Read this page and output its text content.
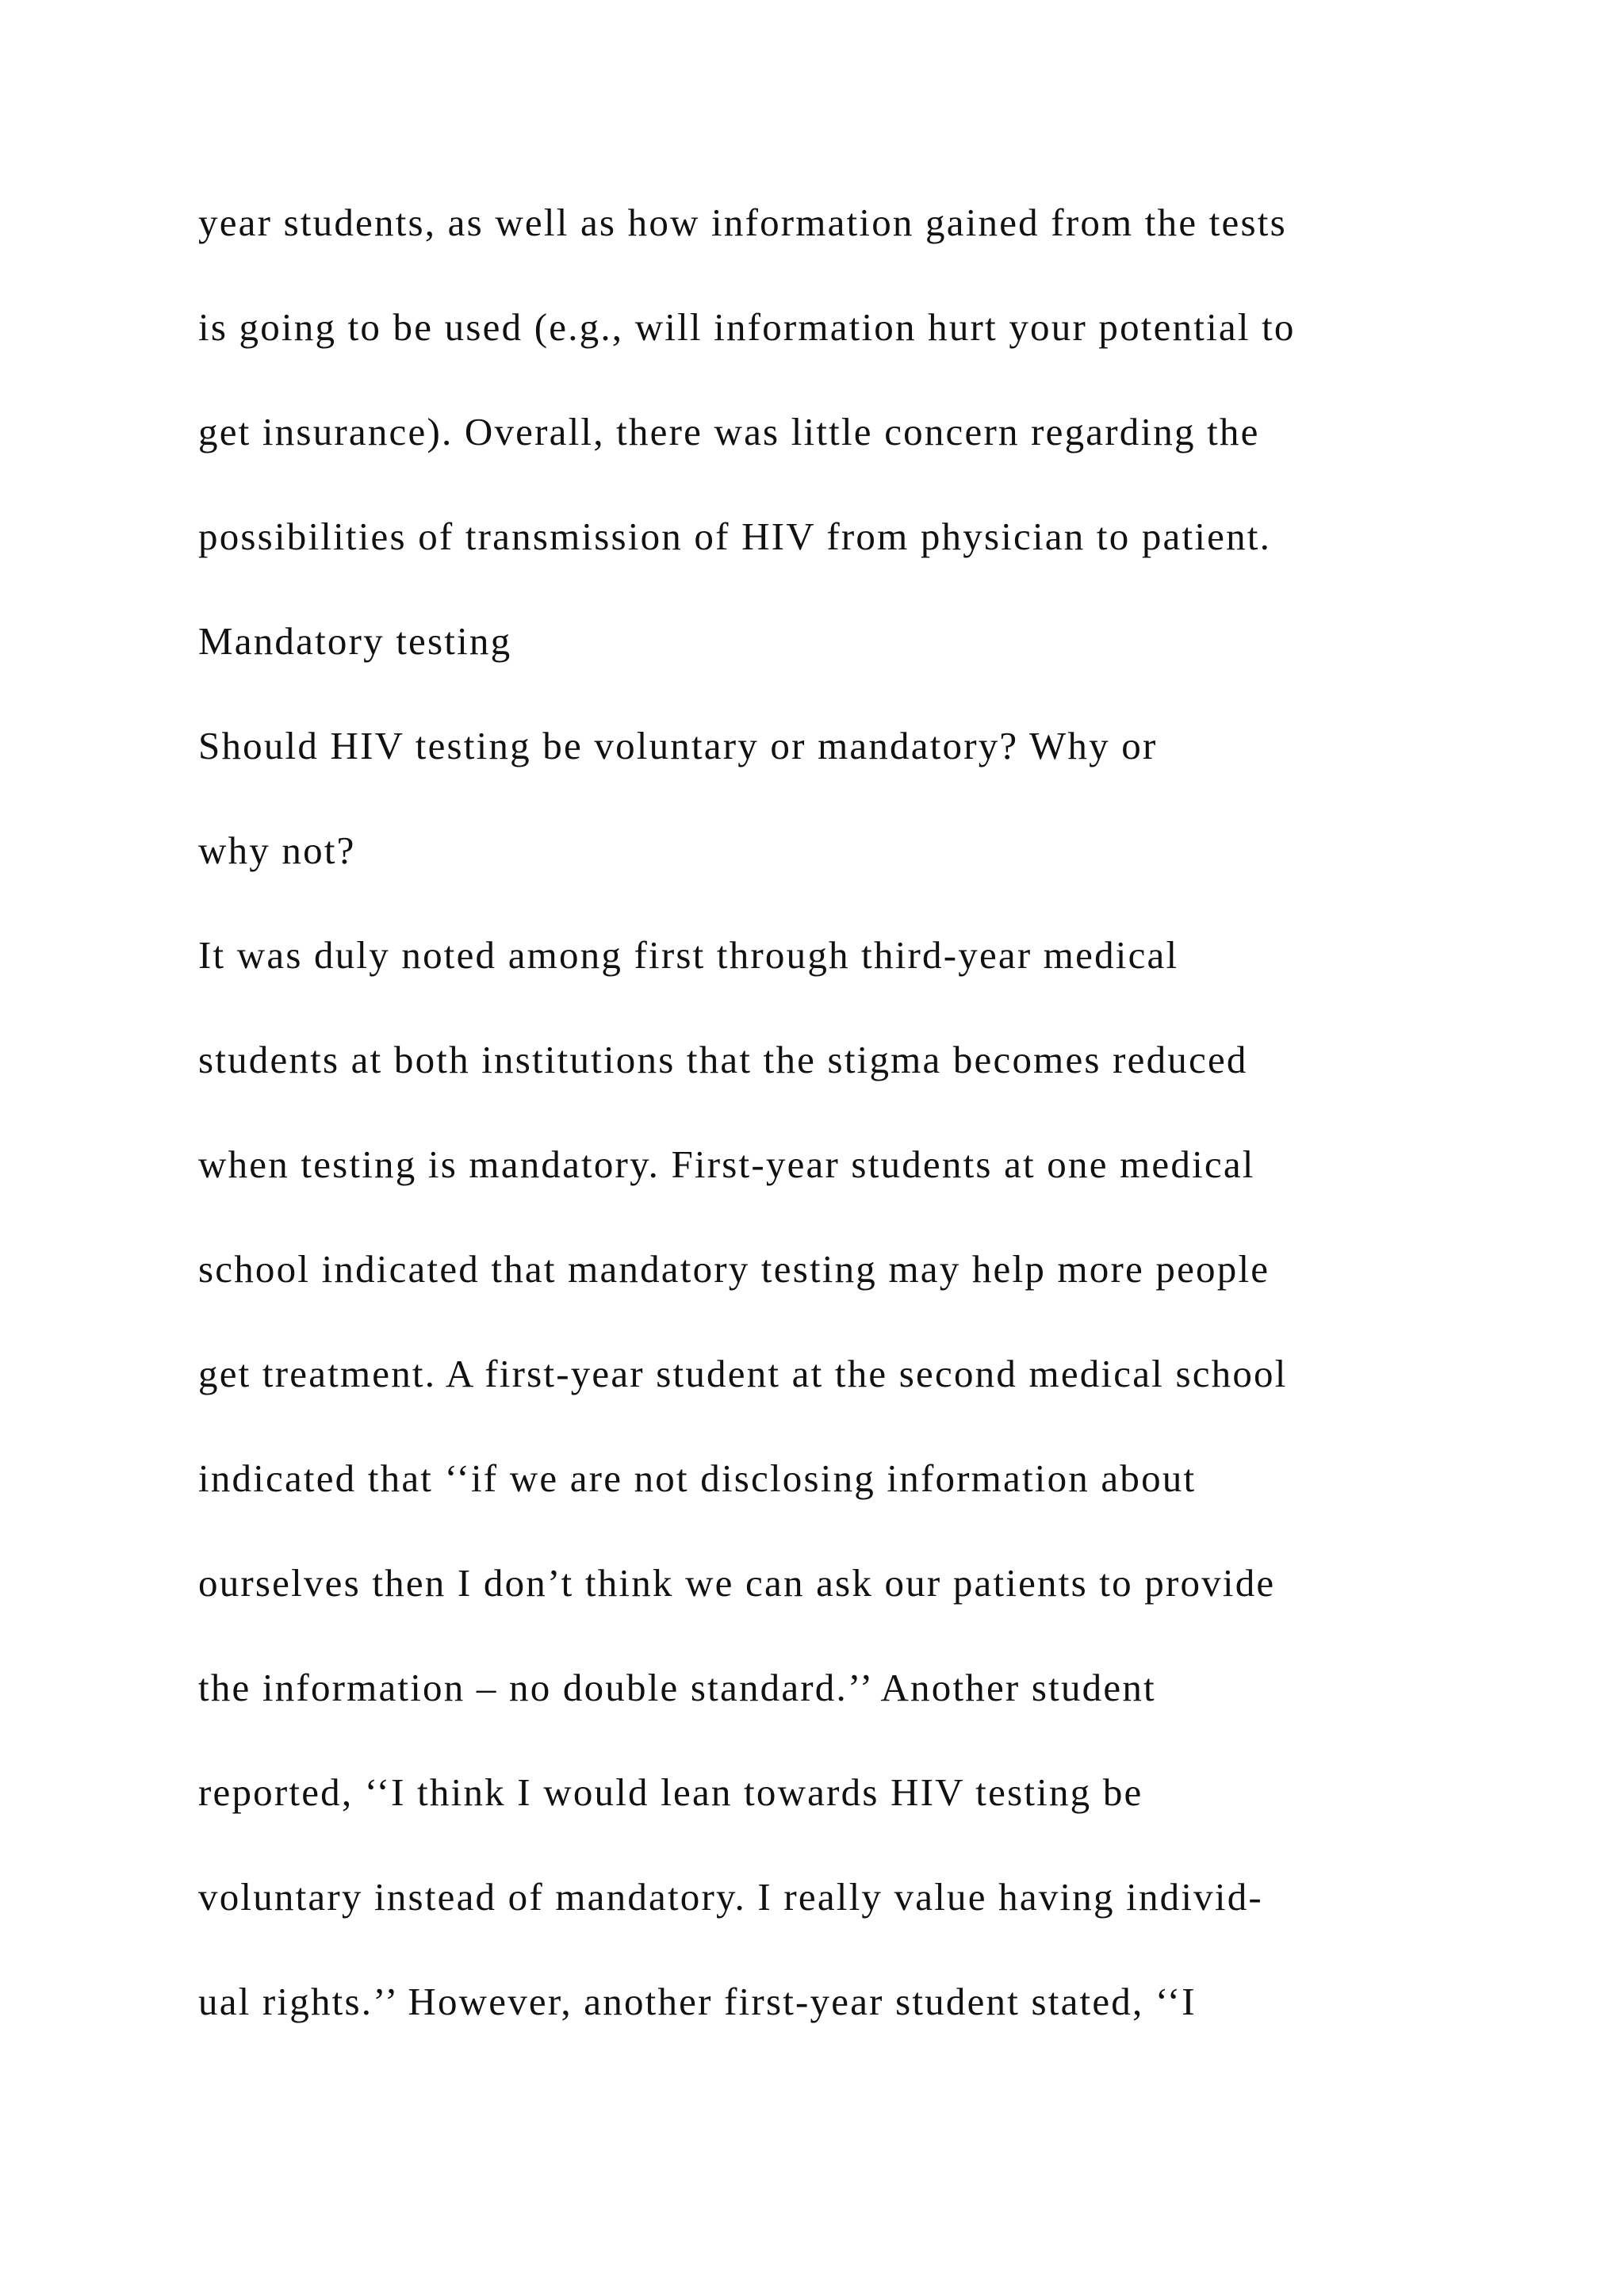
year students, as well as how information gained from the tests

is going to be used (e.g., will information hurt your potential to

get insurance). Overall, there was little concern regarding the

possibilities of transmission of HIV from physician to patient.

Mandatory testing

Should HIV testing be voluntary or mandatory? Why or

why not?

It was duly noted among first through third-year medical

students at both institutions that the stigma becomes reduced

when testing is mandatory. First-year students at one medical

school indicated that mandatory testing may help more people

get treatment. A first-year student at the second medical school

indicated that ‘‘if we are not disclosing information about

ourselves then I don’t think we can ask our patients to provide

the information – no double standard.’’ Another student

reported, ‘‘I think I would lean towards HIV testing be

voluntary instead of mandatory. I really value having individ-

ual rights.’’ However, another first-year student stated, ‘‘I
